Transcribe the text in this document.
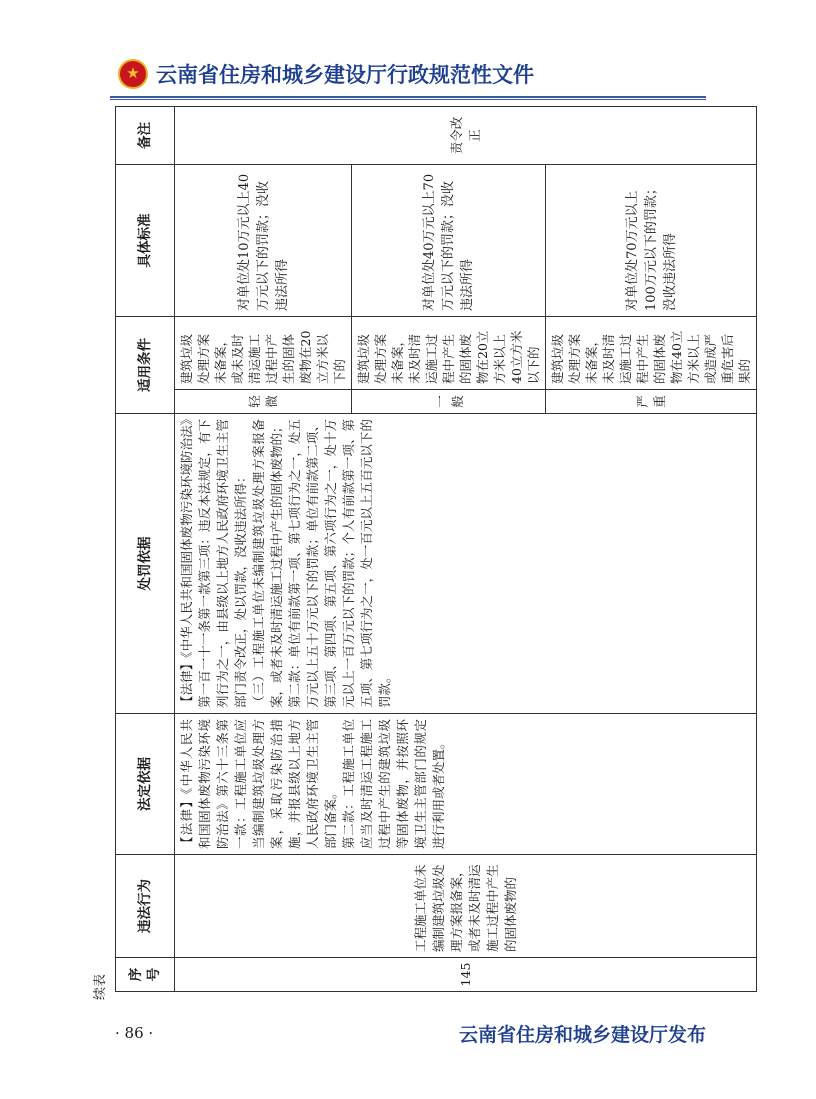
★
云南省住房和城乡建设厅行政规范性文件
续表 序号	违法行为	法定依据	处罚依据	适用条件		具体标准	备注
145	工程施工单位未编制建筑垃圾处理方案报备案，或者未及时清运施工过程中产生的固体废物的	【法律】《中华人民共和国固体废物污染环境防治法》第六十三条第一款：工程施工单位应当编制建筑垃圾处理方案，采取污染防治措施，并报县级以上地方人民政府环境卫生主管部门备案。 第二款：工程施工单位应当及时清运工程施工过程中产生的建筑垃圾等固体废物，并按照环境卫生主管部门的规定进行利用或者处置。	【法律】《中华人民共和国固体废物污染环境防治法》第一百一十一条第一款第三项：违反本法规定，有下列行为之一，由县级以上地方人民政府环境卫生主管部门责令改正，处以罚款，没收违法所得： （三）工程施工单位未编制建筑垃圾处理方案报备案，或者未及时清运施工过程中产生的固体废物的； 第二款：单位有前款第一项、第七项行为之一，处五万元以上五十万元以下的罚款；单位有前款第二项、第三项、第四项、第五项、第六项行为之一，处十万元以上一百万元以下的罚款；个人有前款第一项、第五项、第七项行为之一，处一百元以上五百元以下的罚款。	轻微	建筑垃圾处理方案未备案，或未及时清运施工过程中产生的固体废物在20立方米以下的	对单位处10万元以上40万元以下的罚款；没收违法所得	责令改正
				一般	建筑垃圾处理方案未备案，未及时清运施工过程中产生的固体废物在20立方米以上40立方米以下的	对单位处40万元以上70万元以下的罚款；没收违法所得	
				严重	建筑垃圾处理方案未备案，未及时清运施工过程中产生的固体废物在40立方米以上或造成严重危害后果的	对单位处70万元以上100万元以下的罚款；没收违法所得	
· 86 ·	云南省住房和城乡建设厅发布
